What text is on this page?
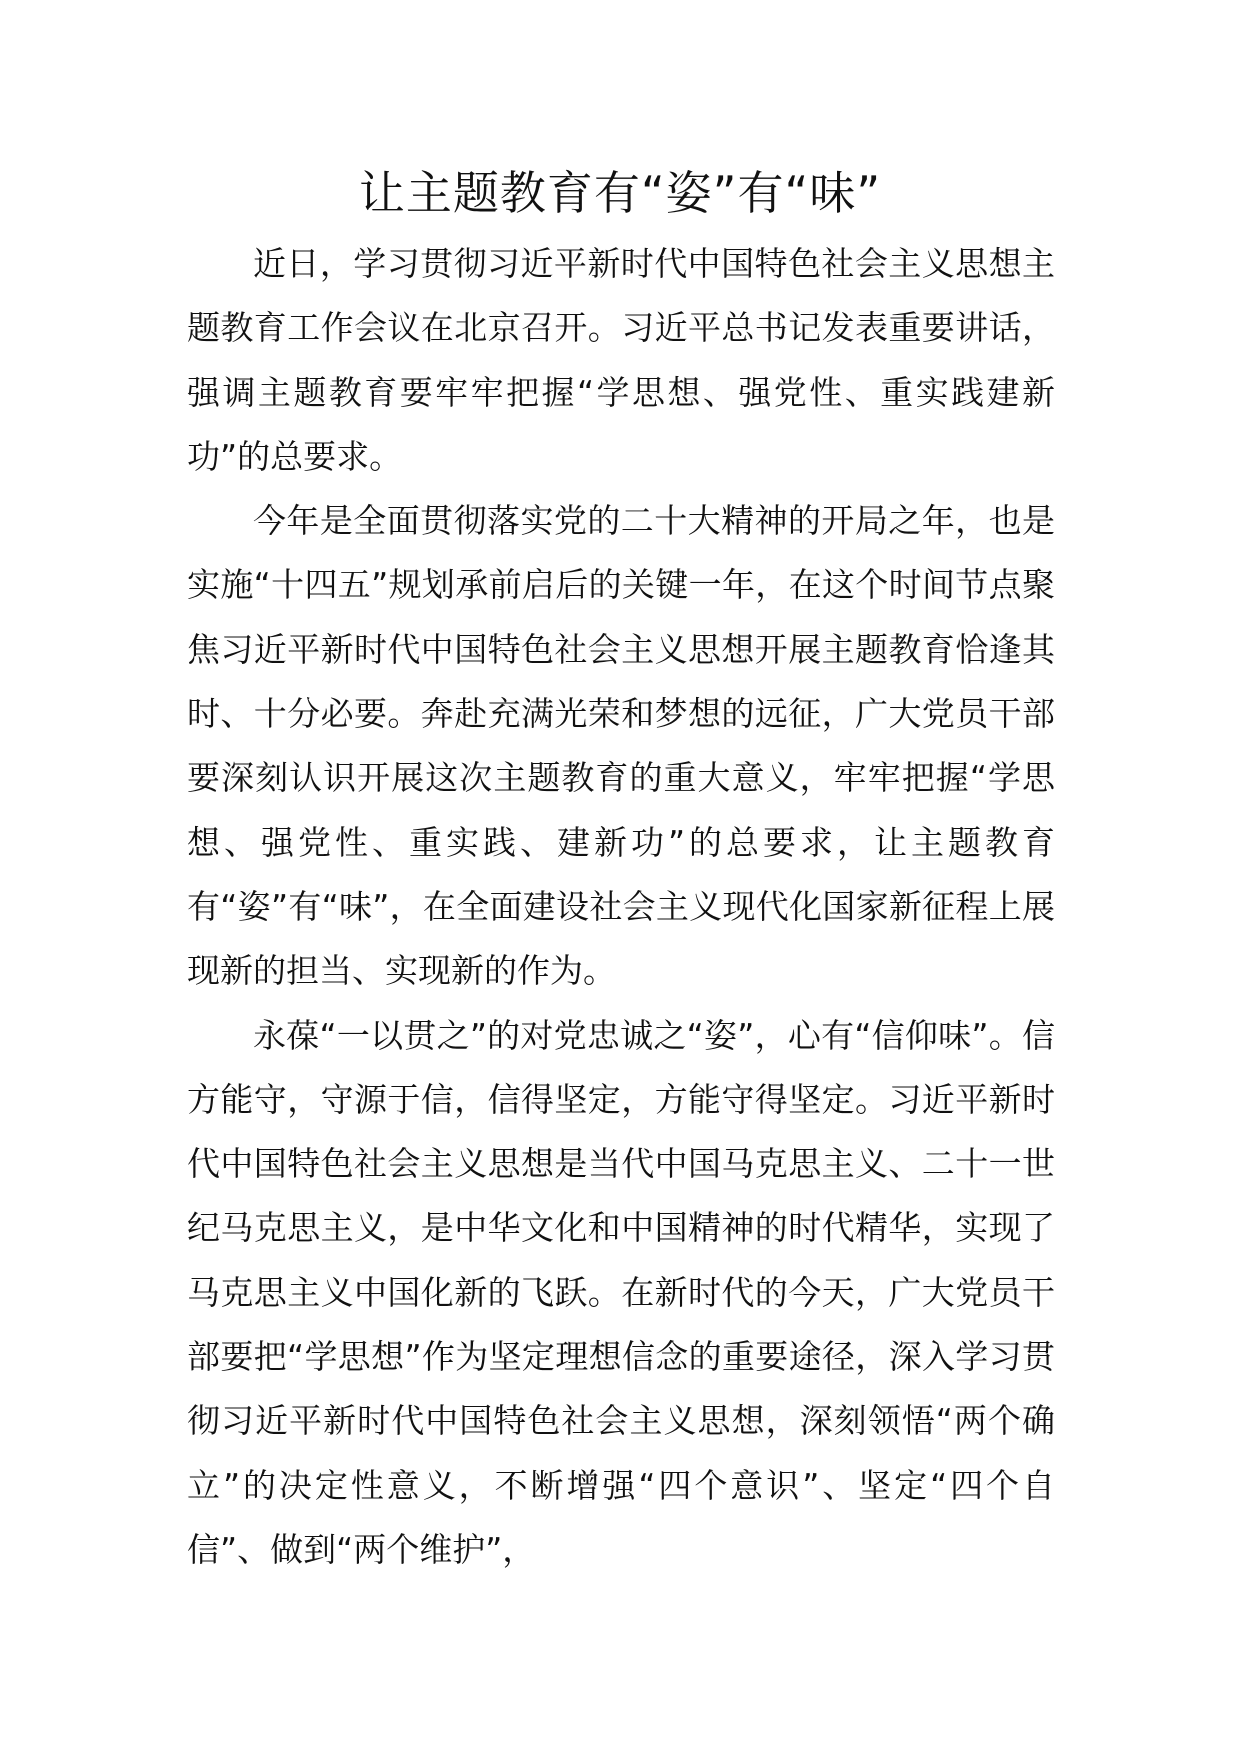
让主题教育有“姿”有“味”

近日，学习贯彻习近平新时代中国特色社会主义思想主题教育工作会议在北京召开。习近平总书记发表重要讲话，强调主题教育要牢牢把握“学思想、强党性、重实践建新功”的总要求。

今年是全面贯彻落实党的二十大精神的开局之年，也是实施“十四五”规划承前启后的关键一年，在这个时间节点聚焦习近平新时代中国特色社会主义思想开展主题教育恰逢其时、十分必要。奔赴充满光荣和梦想的远征，广大党员干部要深刻认识开展这次主题教育的重大意义，牢牢把握“学思想、强党性、重实践、建新功”的总要求，让主题教育有“姿”有“味”，在全面建设社会主义现代化国家新征程上展现新的担当、实现新的作为。

永葆“一以贯之”的对党忠诚之“姿”，心有“信仰味”。信方能守，守源于信，信得坚定，方能守得坚定。习近平新时代中国特色社会主义思想是当代中国马克思主义、二十一世纪马克思主义，是中华文化和中国精神的时代精华，实现了马克思主义中国化新的飞跃。在新时代的今天，广大党员干部要把“学思想”作为坚定理想信念的重要途径，深入学习贯彻习近平新时代中国特色社会主义思想，深刻领悟“两个确立”的决定性意义，不断增强“四个意识”、坚定“四个自信”、做到“两个维护”，
